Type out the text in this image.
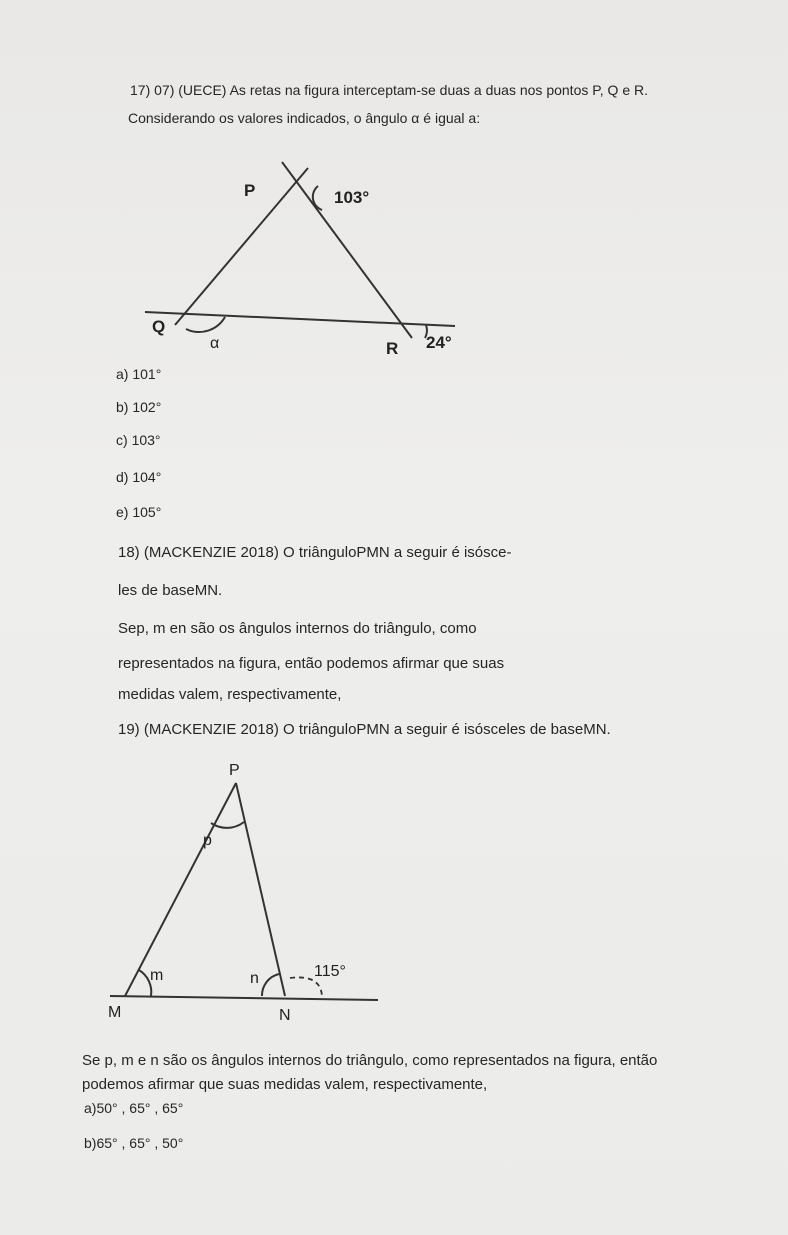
17) 07) (UECE) As retas na figura interceptam-se duas a duas nos pontos P, Q e R.
Considerando os valores indicados, o ângulo α é igual a:
P	103°
Q
α	R 24°
a) 101°
b) 102°
c) 103°
d) 104°
e) 105°
18) (MACKENZIE 2018) O triânguloPMN a seguir é isósce-
les de baseMN.
Sep, m en são os ângulos internos do triângulo, como
representados na figura, então podemos afirmar que suas
medidas valem, respectivamente,
19) (MACKENZIE 2018) O triânguloPMN a seguir é isósceles de baseMN.
P
p
m	n	115°
M	N
Se p, m e n são os ângulos internos do triângulo, como representados na figura, então
podemos afirmar que suas medidas valem, respectivamente,
a)50° , 65° , 65°
b)65° , 65° , 50°
